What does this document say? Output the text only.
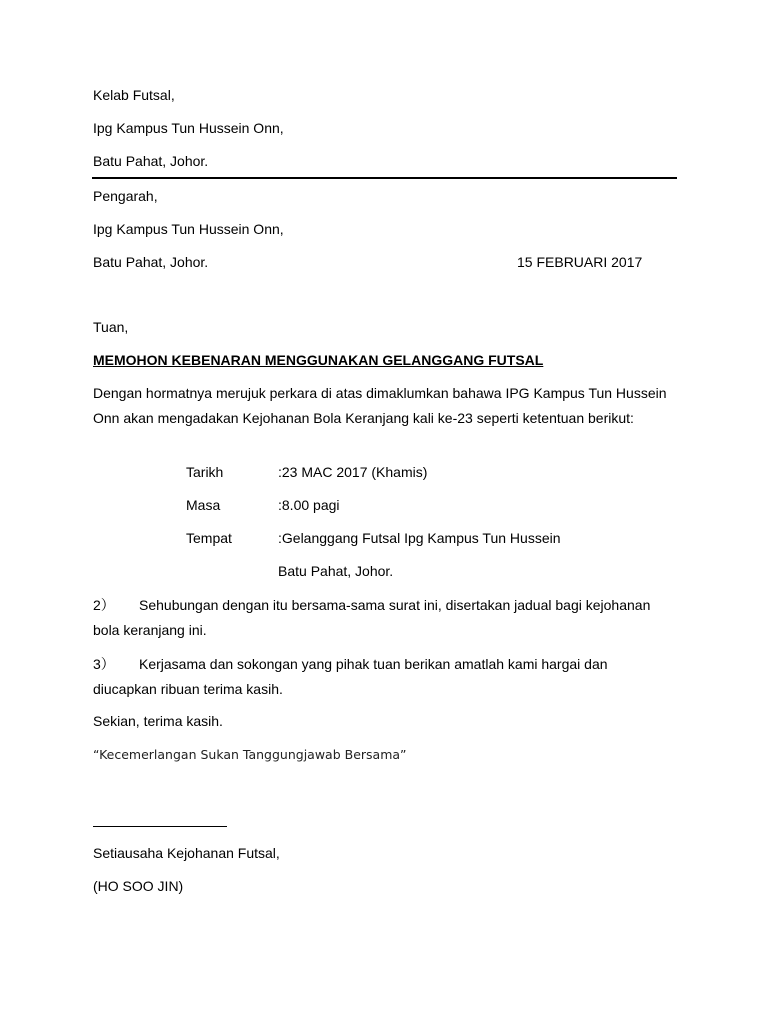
Kelab Futsal,
Ipg Kampus Tun Hussein Onn,
Batu Pahat, Johor.
Pengarah,
Ipg Kampus Tun Hussein Onn,
Batu Pahat, Johor.	15 FEBRUARI 2017
Tuan,
MEMOHON KEBENARAN MENGGUNAKAN GELANGGANG FUTSAL
Dengan hormatnya merujuk perkara di atas dimaklumkan bahawa IPG Kampus Tun Hussein
Onn akan mengadakan Kejohanan Bola Keranjang kali ke-23 seperti ketentuan berikut:
Tarikh	:23 MAC 2017 (Khamis)
Masa	:8.00 pagi
Tempat	:Gelanggang Futsal Ipg Kampus Tun Hussein
Batu Pahat, Johor.
2） Sehubungan dengan itu bersama-sama surat ini, disertakan jadual bagi kejohanan
bola keranjang ini.
3） Kerjasama dan sokongan yang pihak tuan berikan amatlah kami hargai dan
diucapkan ribuan terima kasih.
Sekian, terima kasih.
“Kecemerlangan Sukan Tanggungjawab Bersama”
Setiausaha Kejohanan Futsal,
(HO SOO JIN)
